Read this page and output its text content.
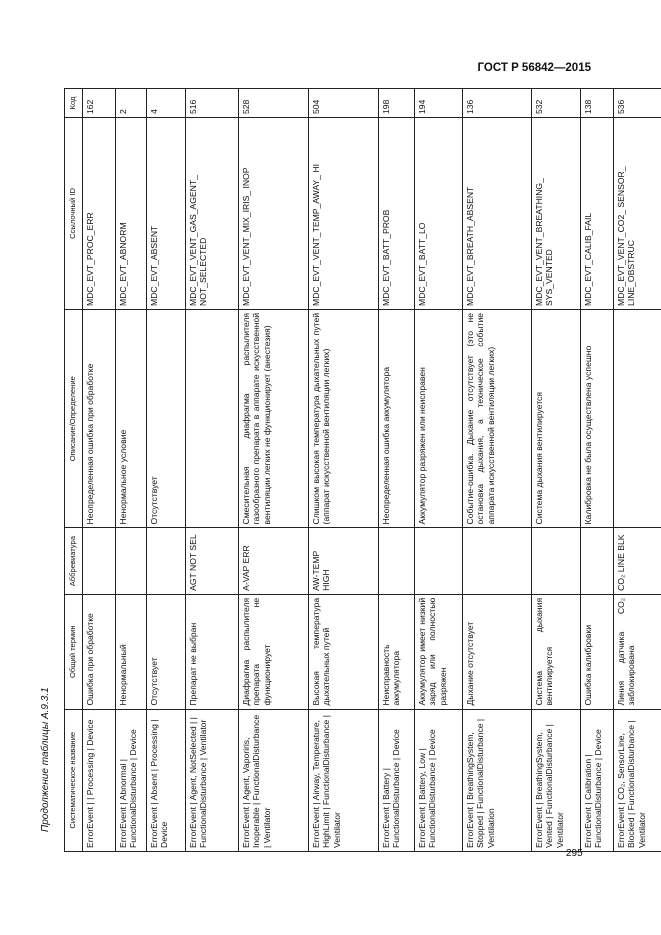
ГОСТ Р 56842—2015
Продолжение таблицы А.9.3.1	Систематическое название	Общий термин	Аббревиатура	Описание/Определение	Ссылочный ID	Код
ErrorEvent | | Processing | Device	Ошибка при обработке		Неопределенная ошибка при обработке	MDC_EVT_PROC_ERR	162
ErrorEvent | Abnormal | FunctionalDisturbance | Device	Ненормальный		Ненормальное условие	MDC_EVT_ABNORM	2
ErrorEvent | Absent | Processing | Device	Отсутствует		Отсутствует	MDC_EVT_ABSENT	4
ErrorEvent | Agent, NotSelected | | FunctionalDisturbance | Ventilator	Препарат не выбран	AGT NOT SEL		MDC_EVT_VENT_GAS_AGENT_ NOT_SELECTED	516
ErrorEvent | Agent, Vaporiris, Inoperable | FunctionalDisturbance | Ventilator	Диафрагма распылителя препарата не функционирует	A-VAP ERR	Смесительная диафрагма распылителя газообразного препарата в аппарате искусственной вентиляции легких не функционирует (анестезия)	MDC_EVT_VENT_MIX_IRIS_ INOP	528
ErrorEvent | Airway, Temperature, HighLimit | FunctionalDisturbance | Ventilator	Высокая температура дыхательных путей	AW-TEMP HIGH	Слишком высокая температура дыхательных путей (аппарат искусственной вентиляции легких)	MDC_EVT_VENT_TEMP_AWAY_ HI	504
ErrorEvent | Battery | FunctionalDisturbance | Device	Неисправность аккумулятора		Неопределенная ошибка аккумулятора	MDC_EVT_BATT_PROB	198
ErrorEvent | Battery, Low | FunctionalDisturbance | Device	Аккумулятор имеет низкий заряд или полностью разряжен		Аккумулятор разряжен или неисправен	MDC_EVT_BATT_LO	194
ErrorEvent | BreathingSystem, Stopped | FunctionalDisturbance | Ventilation	Дыхание отсутствует		Событие-ошибка. Дыхание отсутствует (это не остановка дыхания, а техническое событие аппарата искусственной вентиляции легких)	MDC_EVT_BREATH_ABSENT	136
ErrorEvent | BreathingSystem, Vented | FunctionalDisturbance | Ventilator	Система дыхания вентилируется		Система дыхания вентилируется	MDC_EVT_VENT_BREATHING_ SYS_VENTED	532
ErrorEvent | Calibration | FunctionalDisturbance | Device	Ошибка калибровки		Калибровка не была осуществлена успешно	MDC_EVT_CALIB_FAIL	138
ErrorEvent | CO₂, SensorLine, Blocked | FunctionalDisturbance | Ventilator	Линия датчика CO₂ заблокирована	CO₂ LINE BLK		MDC_EVT_VENT_CO2_ SENSOR_ LINE_OBSTRUC	536
295
